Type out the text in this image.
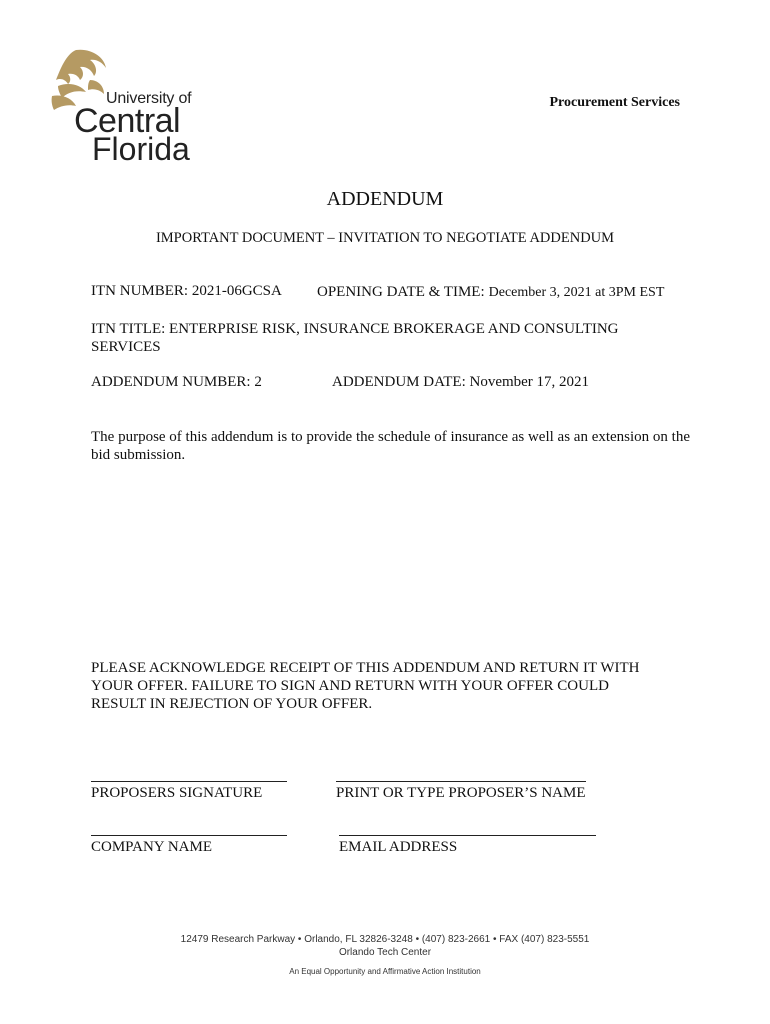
University of
Central
Florida
Procurement Services
ADDENDUM
IMPORTANT DOCUMENT – INVITATION TO NEGOTIATE ADDENDUM
ITN NUMBER: 2021-06GCSA OPENING DATE & TIME: December 3, 2021 at 3PM EST
ITN TITLE: ENTERPRISE RISK, INSURANCE BROKERAGE AND CONSULTING
SERVICES
ADDENDUM NUMBER: 2	ADDENDUM DATE: November 17, 2021
The purpose of this addendum is to provide the schedule of insurance as well as an extension on the bid submission.
PLEASE ACKNOWLEDGE RECEIPT OF THIS ADDENDUM AND RETURN IT WITH YOUR OFFER. FAILURE TO SIGN AND RETURN WITH YOUR OFFER COULD RESULT IN REJECTION OF YOUR OFFER.
PROPOSERS SIGNATURE	PRINT OR TYPE PROPOSER’S NAME
COMPANY NAME	EMAIL ADDRESS
12479 Research Parkway • Orlando, FL 32826-3248 • (407) 823-2661 • FAX (407) 823-5551
Orlando Tech Center
An Equal Opportunity and Affirmative Action Institution
